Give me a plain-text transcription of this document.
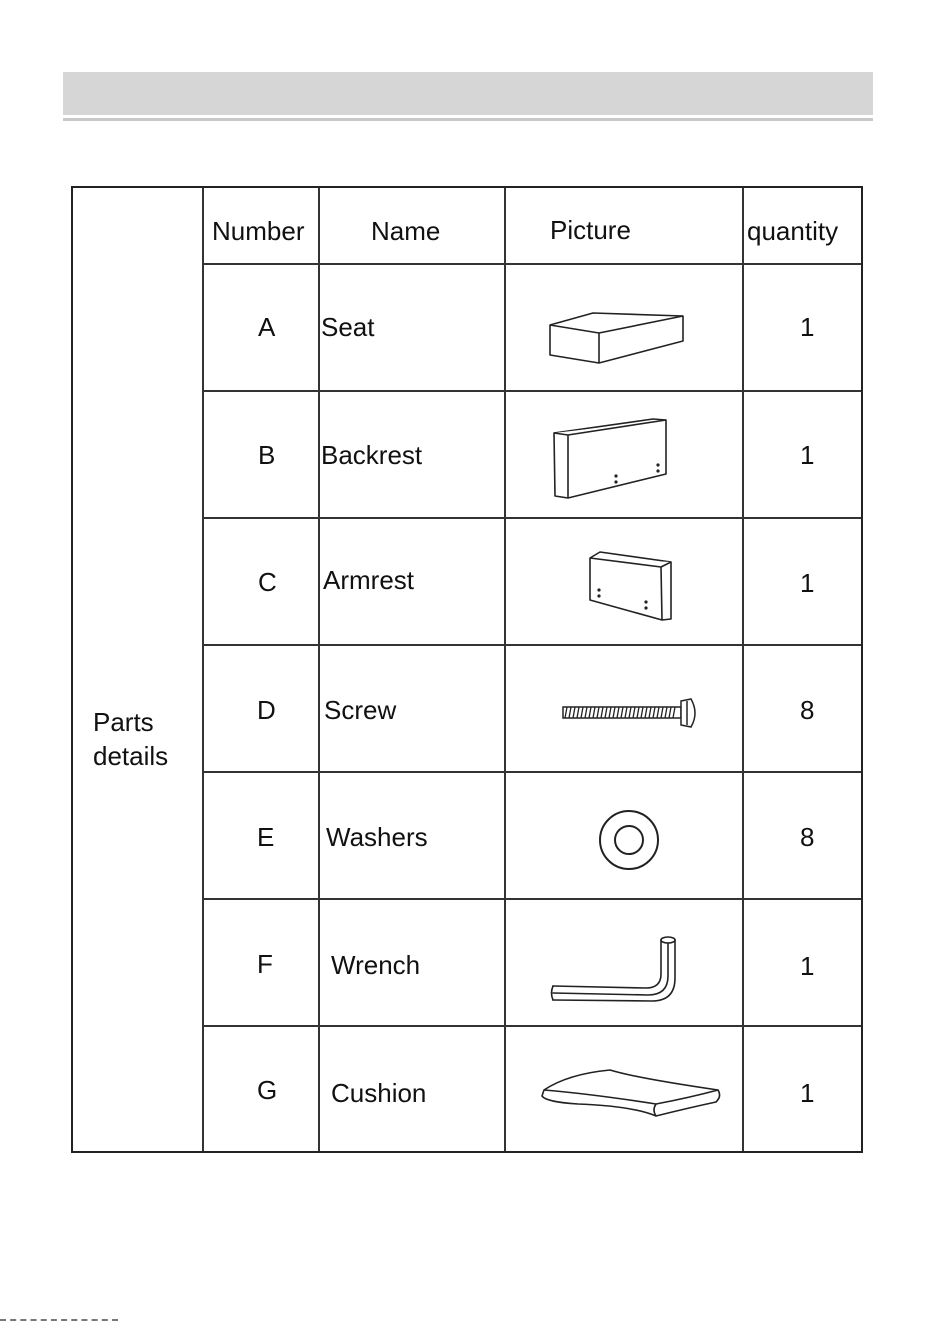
Parts
details
Number	Name	Picture	quantity
A Seat	1
B Backrest	1
C Armrest	1
D Screw	8
E Washers	8
F Wrench	1
G Cushion	1
